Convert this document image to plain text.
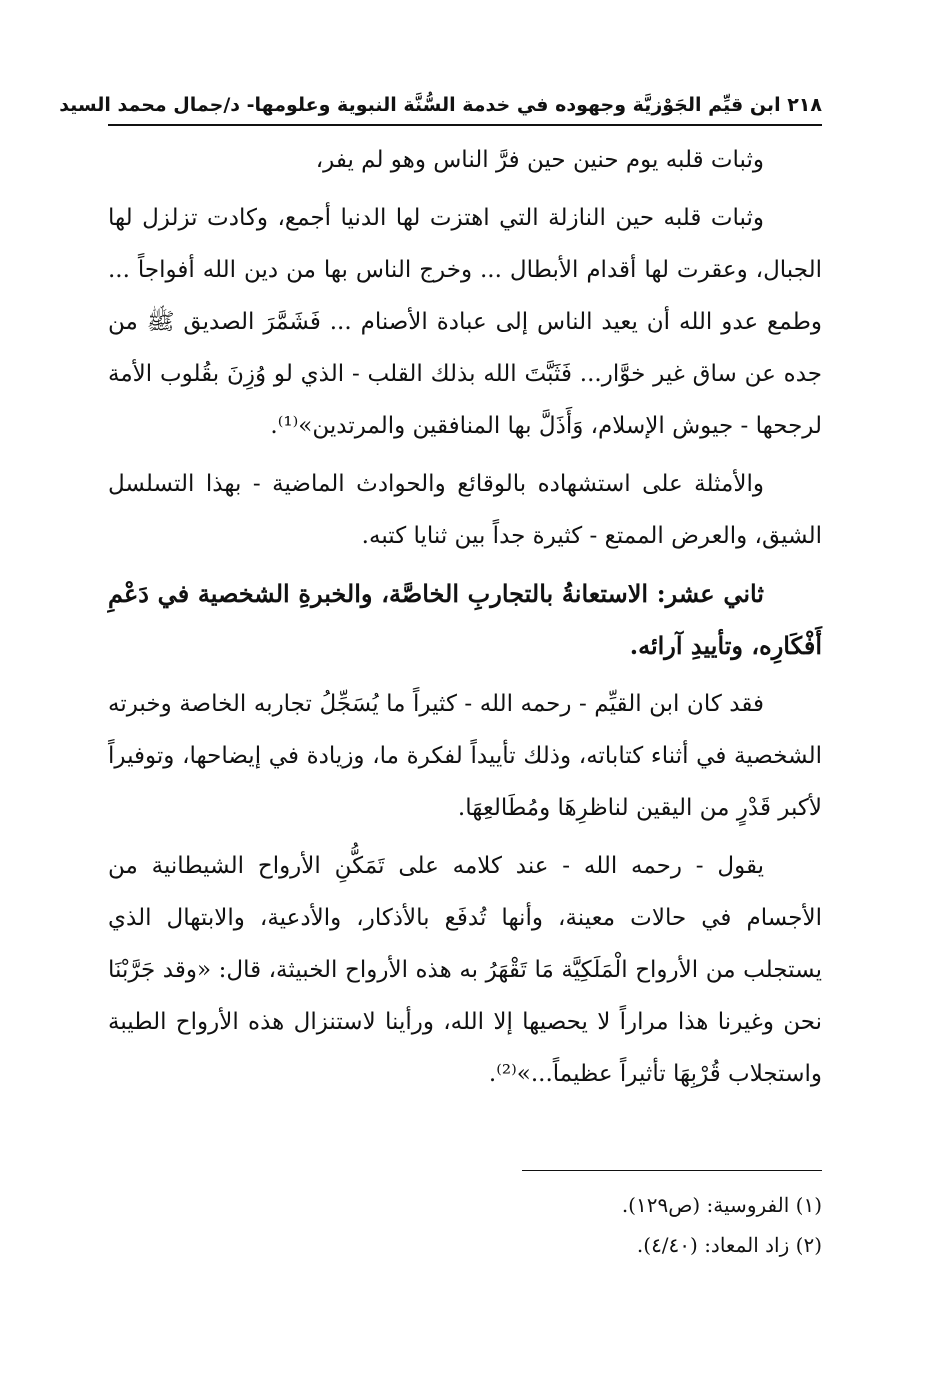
٢١٨ ابن قيِّم الجَوْزيَّة وجهوده في خدمة السُّنَّة النبوية وعلومها- د/جمال محمد السيد

وثبات قلبه يوم حنين حين فرَّ الناس وهو لم يفر،

وثبات قلبه حين النازلة التي اهتزت لها الدنيا أجمع، وكادت تزلزل لها الجبال، وعقرت لها أقدام الأبطال ... وخرج الناس بها من دين الله أفواجاً ... وطمع عدو الله أن يعيد الناس إلى عبادة الأصنام ... فَشَمَّرَ الصديق ﷺ من جده عن ساق غير خوَّار... فَثَبَّتَ الله بذلك القلب - الذي لو وُزِنَ بقُلوب الأمة لرجحها - جيوش الإسلام، وَأَذَلَّ بها المنافقين والمرتدين»⁽¹⁾.

والأمثلة على استشهاده بالوقائع والحوادث الماضية - بهذا التسلسل الشيق، والعرض الممتع - كثيرة جداً بين ثنايا كتبه.

ثاني عشر: الاستعانةُ بالتجاربِ الخاصَّة، والخبرةِ الشخصية في دَعْمِ أَفْكَارِه، وتأييدِ آرائه.

فقد كان ابن القيِّم - رحمه الله - كثيراً ما يُسَجِّلُ تجاربه الخاصة وخبرته الشخصية في أثناء كتاباته، وذلك تأييداً لفكرة ما، وزيادة في إيضاحها، وتوفيراً لأكبر قَدْرٍ من اليقين لناظرِهَا ومُطَالعِهَا.

يقول - رحمه الله - عند كلامه على تَمَكُّنِ الأرواح الشيطانية من الأجسام في حالات معينة، وأنها تُدفَع بالأذكار، والأدعية، والابتهال الذي يستجلب من الأرواح الْمَلَكِيَّة مَا تَقْهَرُ به هذه الأرواح الخبيثة، قال: «وقد جَرَّبْنَا نحن وغيرنا هذا مراراً لا يحصيها إلا الله، ورأينا لاستنزال هذه الأرواح الطيبة واستجلاب قُرْبِهَا تأثيراً عظيماً...»⁽²⁾.

(١) الفروسية: (ص١٢٩).

(٢) زاد المعاد: (٤/٤٠).
